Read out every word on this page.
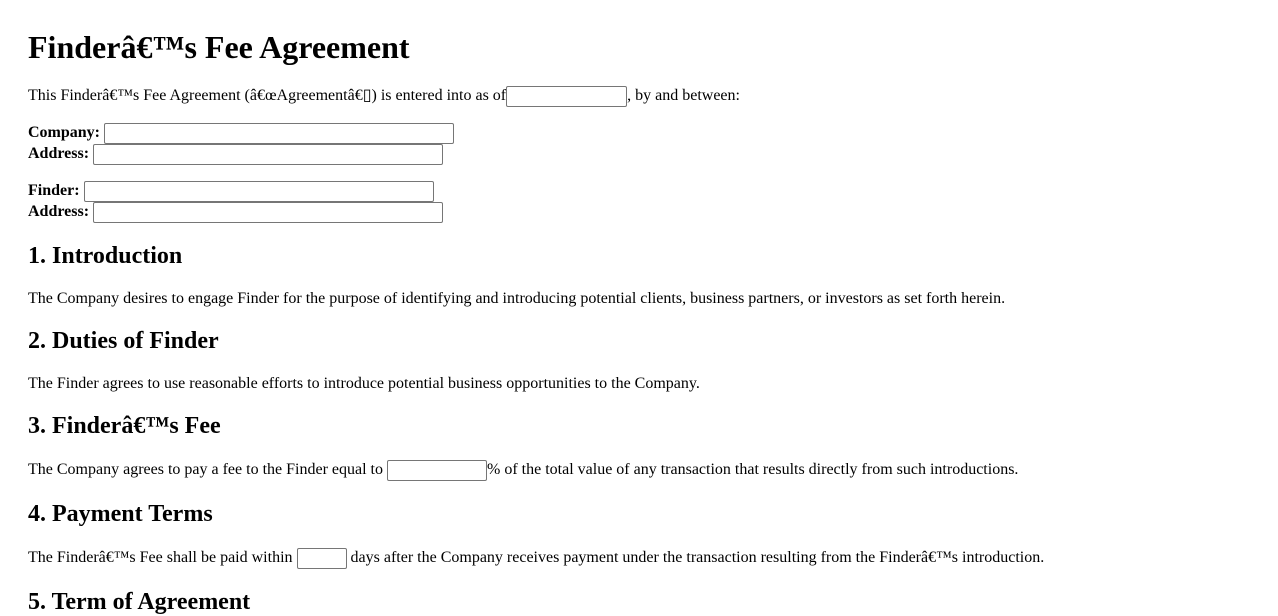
Finderâ€™s Fee Agreement

This Finderâ€™s Fee Agreement (â€œAgreementâ€▯) is entered into as of	, by and between:

Company:
Address:
Finder:
Address:
1. Introduction

The Company desires to engage Finder for the purpose of identifying and introducing potential clients, business partners, or investors as set forth herein.

2. Duties of Finder

The Finder agrees to use reasonable efforts to introduce potential business opportunities to the Company.

3. Finderâ€™s Fee

The Company agrees to pay a fee to the Finder equal to	% of the total value of any transaction that results directly from such introductions.

4. Payment Terms

The Finderâ€™s Fee shall be paid within	days after the Company receives payment under the transaction resulting from the Finderâ€™s introduction.

5. Term of Agreement
